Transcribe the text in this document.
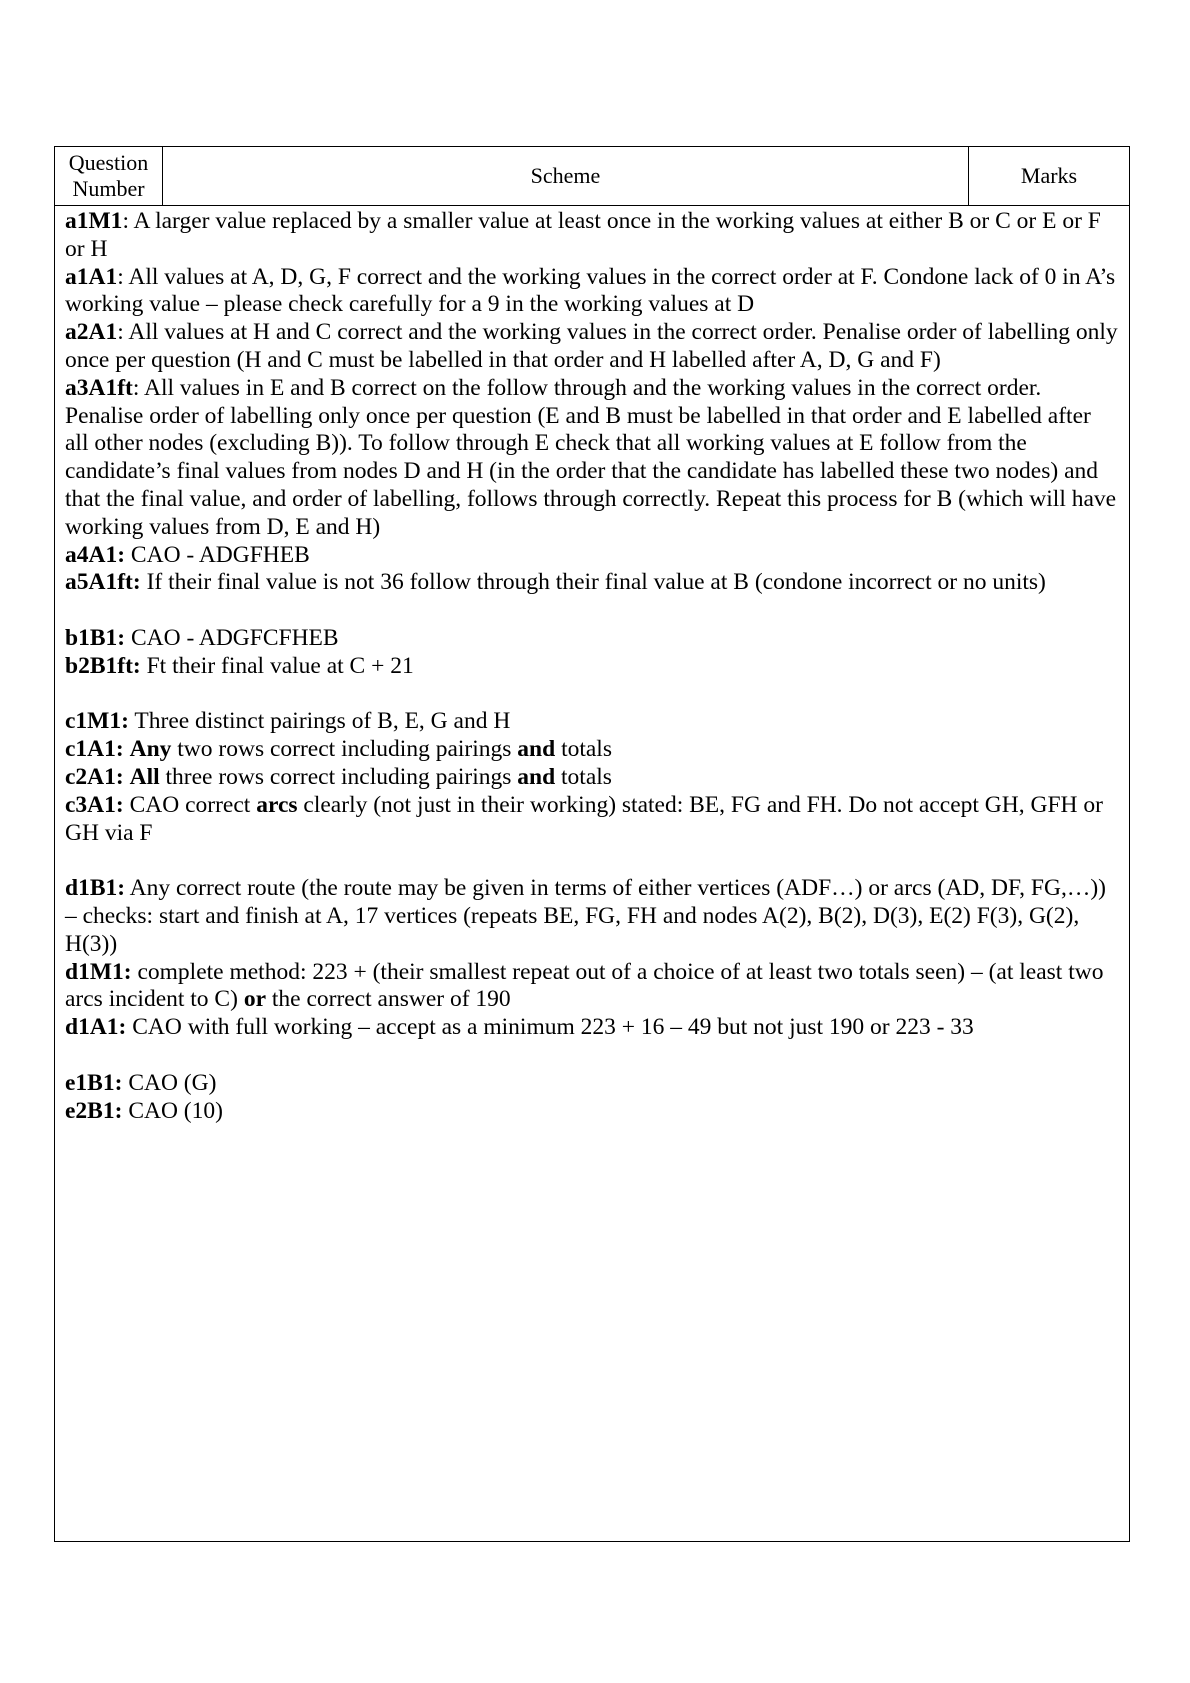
Question
Number
Scheme	Marks

a1M1: A larger value replaced by a smaller value at least once in the working values at either B or C or E or F or H

a1A1: All values at A, D, G, F correct and the working values in the correct order at F. Condone lack of 0 in A’s working value – please check carefully for a 9 in the working values at D

a2A1: All values at H and C correct and the working values in the correct order. Penalise order of labelling only once per question (H and C must be labelled in that order and H labelled after A, D, G and F)

a3A1ft: All values in E and B correct on the follow through and the working values in the correct order. Penalise order of labelling only once per question (E and B must be labelled in that order and E labelled after all other nodes (excluding B)). To follow through E check that all working values at E follow from the candidate’s final values from nodes D and H (in the order that the candidate has labelled these two nodes) and that the final value, and order of labelling, follows through correctly. Repeat this process for B (which will have working values from D, E and H)

a4A1: CAO - ADGFHEB

a5A1ft: If their final value is not 36 follow through their final value at B (condone incorrect or no units)

b1B1: CAO - ADGFCFHEB

b2B1ft: Ft their final value at C + 21

c1M1: Three distinct pairings of B, E, G and H

c1A1: Any two rows correct including pairings and totals

c2A1: All three rows correct including pairings and totals

c3A1: CAO correct arcs clearly (not just in their working) stated: BE, FG and FH. Do not accept GH, GFH or GH via F

d1B1: Any correct route (the route may be given in terms of either vertices (ADF…) or arcs (AD, DF, FG,…)) – checks: start and finish at A, 17 vertices (repeats BE, FG, FH and nodes A(2), B(2), D(3), E(2) F(3), G(2), H(3))

d1M1: complete method: 223 + (their smallest repeat out of a choice of at least two totals seen) – (at least two arcs incident to C) or the correct answer of 190

d1A1: CAO with full working – accept as a minimum 223 + 16 – 49 but not just 190 or 223 - 33

e1B1: CAO (G)

e2B1: CAO (10)
